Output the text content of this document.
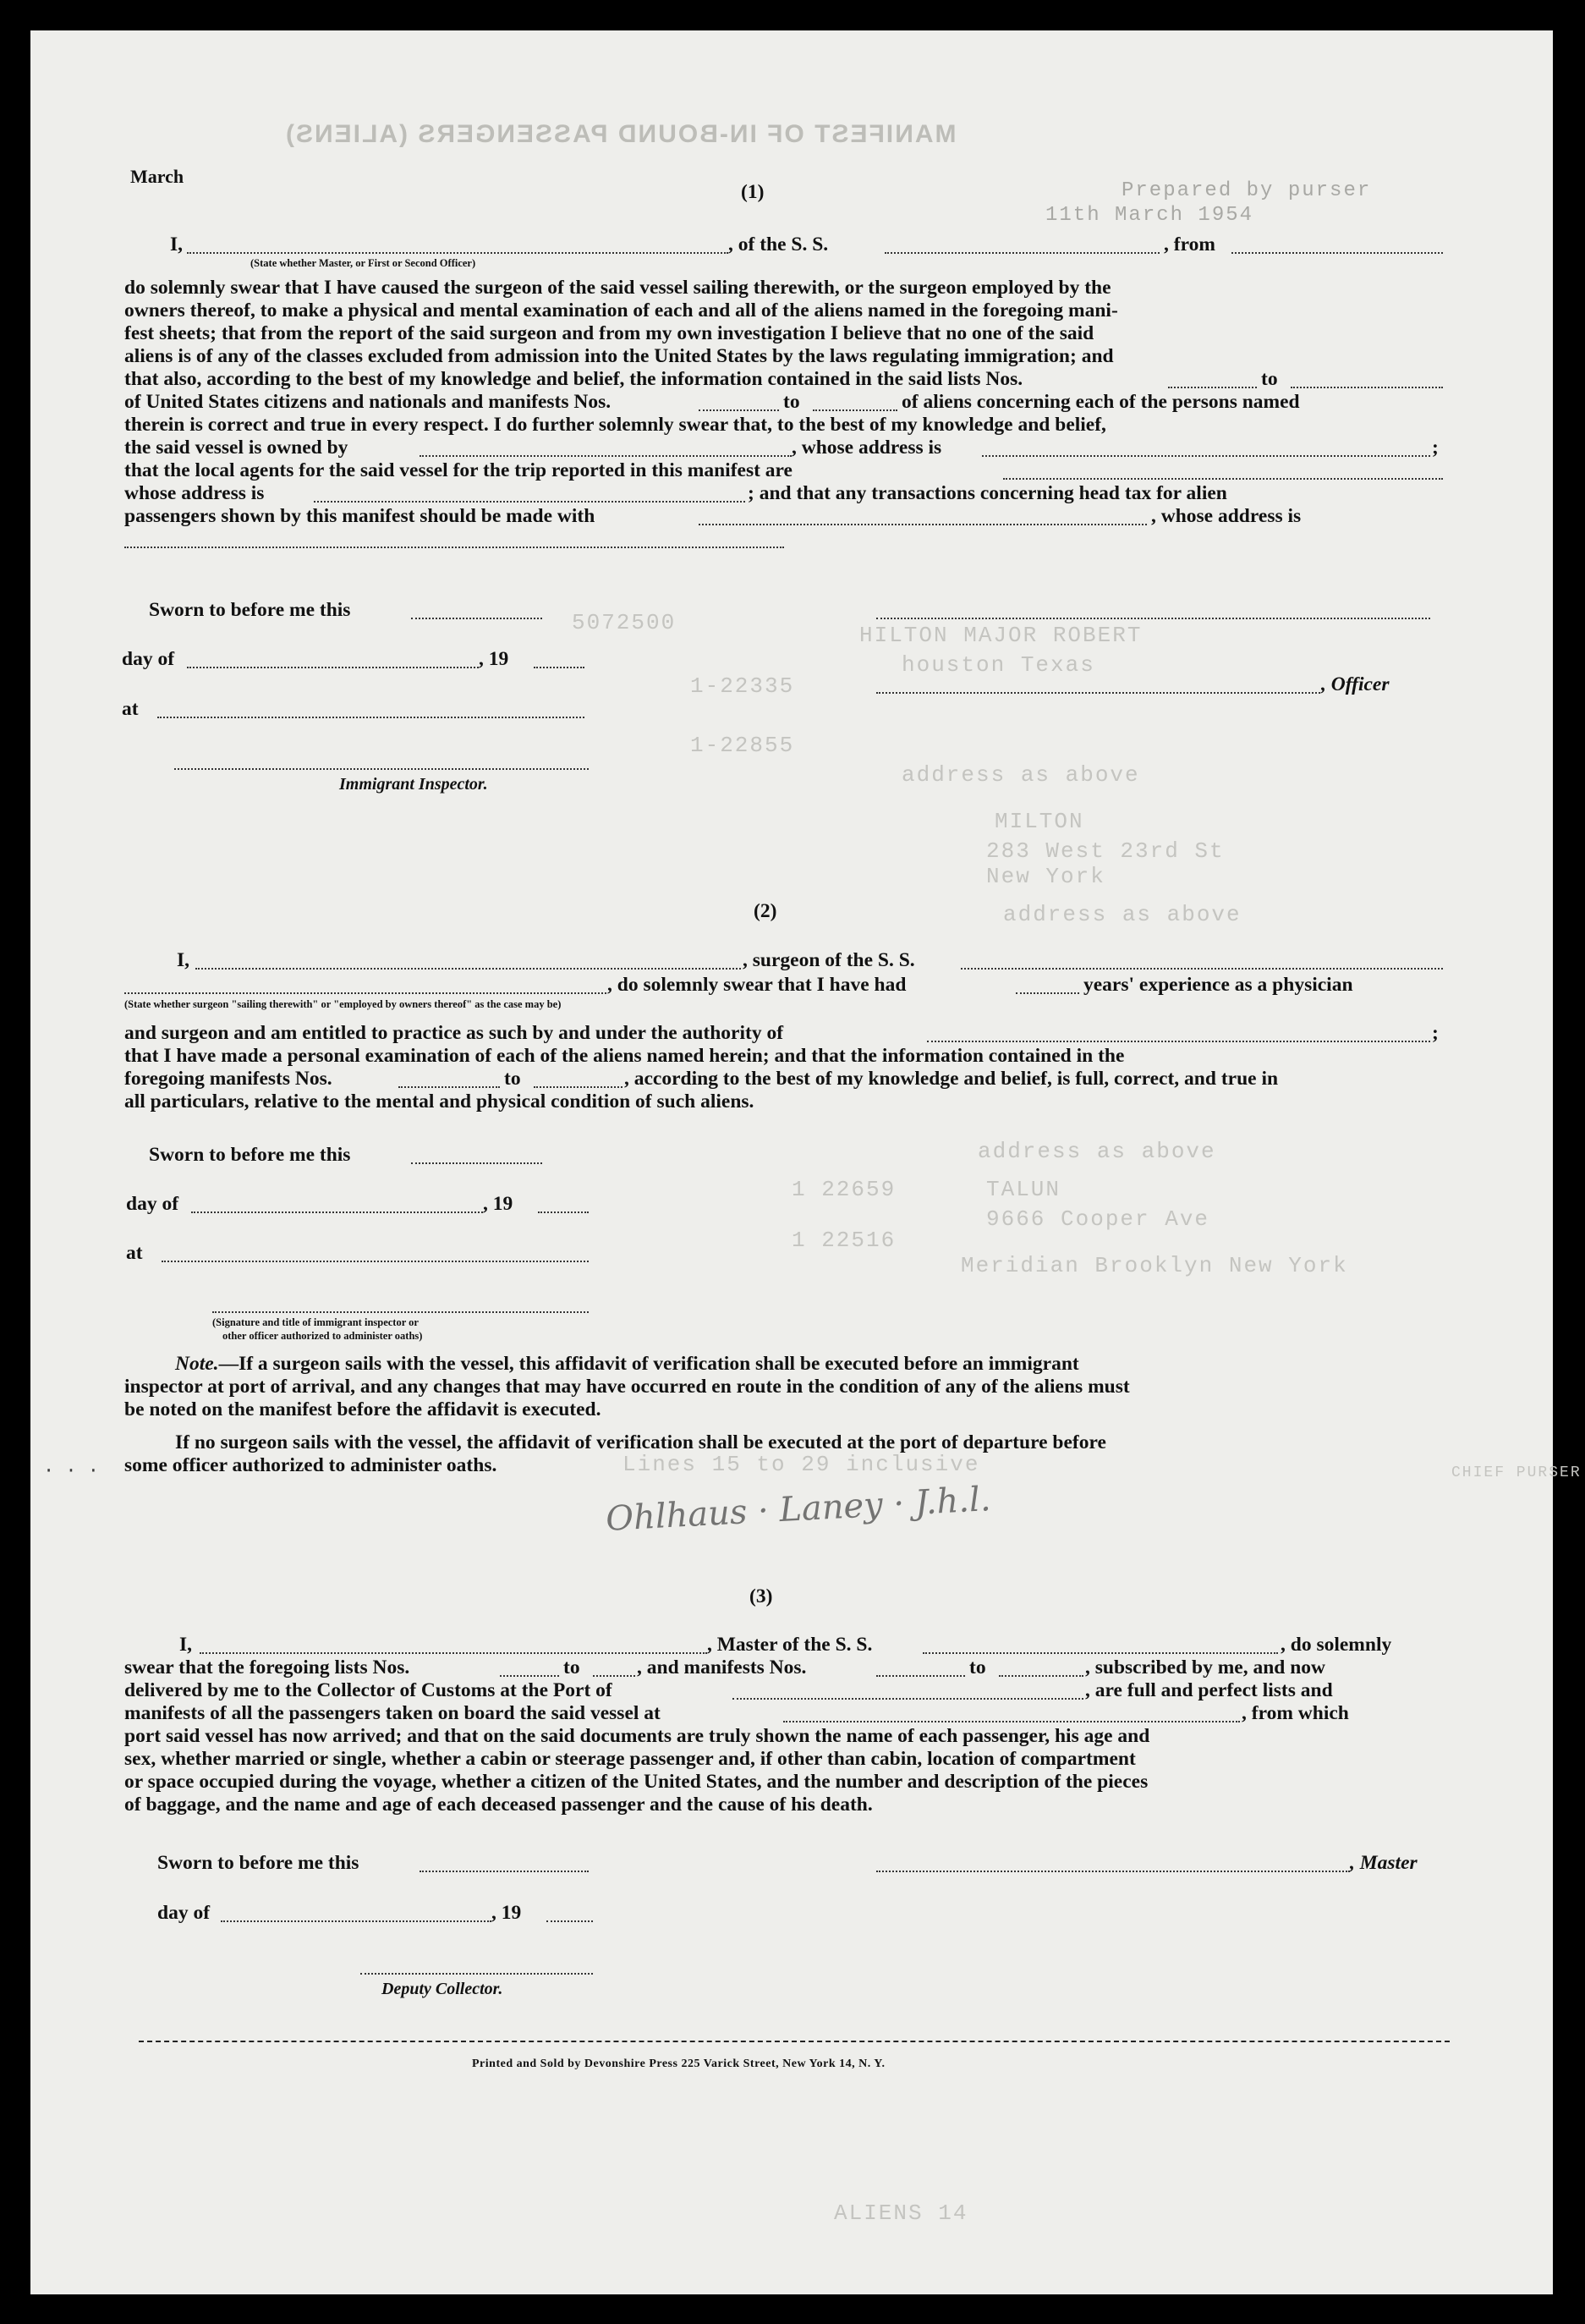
MANIFEST OF IN-BOUND PASSENGERS (ALIENS)
March
11th March 1954
Prepared by purser
5072500	HILTON MAJOR ROBERT
houston Texas
1-22335
1-22855
address as above
MILTON
283 West 23rd St
New York
address as above
address as above
1 22659
1 22516
TALUN
9666 Cooper Ave
Meridian Brooklyn New York
Lines 15 to 29 inclusive	CHIEF PURSER
ALIENS 14
(1)
I,	, of the S. S.	, from
(State whether Master, or First or Second Officer)
do solemnly swear that I have caused the surgeon of the said vessel sailing therewith, or the surgeon employed by the
owners thereof, to make a physical and mental examination of each and all of the aliens named in the foregoing mani-
fest sheets; that from the report of the said surgeon and from my own investigation I believe that no one of the said
aliens is of any of the classes excluded from admission into the United States by the laws regulating immigration; and
that also, according to the best of my knowledge and belief, the information contained in the said lists Nos.	to
of United States citizens and nationals and manifests Nos.	to	of aliens concerning each of the persons named
therein is correct and true in every respect. I do further solemnly swear that, to the best of my knowledge and belief,
the said vessel is owned by	, whose address is	;
that the local agents for the said vessel for the trip reported in this manifest are
whose address is	; and that any transactions concerning head tax for alien
passengers shown by this manifest should be made with	, whose address is
Sworn to before me this
day of	, 19
, Officer
at
Immigrant Inspector.
(2)
I,	, surgeon of the S. S.
, do solemnly swear that I have had	years' experience as a physician
(State whether surgeon "sailing therewith" or "employed by owners thereof" as the case may be)
and surgeon and am entitled to practice as such by and under the authority of	;
that I have made a personal examination of each of the aliens named herein; and that the information contained in the
foregoing manifests Nos.	to	, according to the best of my knowledge and belief, is full, correct, and true in
all particulars, relative to the mental and physical condition of such aliens.
Sworn to before me this
day of	, 19
at
(Signature and title of immigrant inspector or
other officer authorized to administer oaths)
Note.—If a surgeon sails with the vessel, this affidavit of verification shall be executed before an immigrant
inspector at port of arrival, and any changes that may have occurred en route in the condition of any of the aliens must
be noted on the manifest before the affidavit is executed.
If no surgeon sails with the vessel, the affidavit of verification shall be executed at the port of departure before
some officer authorized to administer oaths.
· · ·
Ohlhaus · Laney · J.h.l.
(3)
I,	, Master of the S. S.	, do solemnly
swear that the foregoing lists Nos.	to	, and manifests Nos.	to	, subscribed by me, and now
delivered by me to the Collector of Customs at the Port of	, are full and perfect lists and
manifests of all the passengers taken on board the said vessel at	, from which
port said vessel has now arrived; and that on the said documents are truly shown the name of each passenger, his age and
sex, whether married or single, whether a cabin or steerage passenger and, if other than cabin, location of compartment
or space occupied during the voyage, whether a citizen of the United States, and the number and description of the pieces
of baggage, and the name and age of each deceased passenger and the cause of his death.
Sworn to before me this	, Master
day of	, 19
Deputy Collector.
Printed and Sold by Devonshire Press 225 Varick Street, New York 14, N. Y.
